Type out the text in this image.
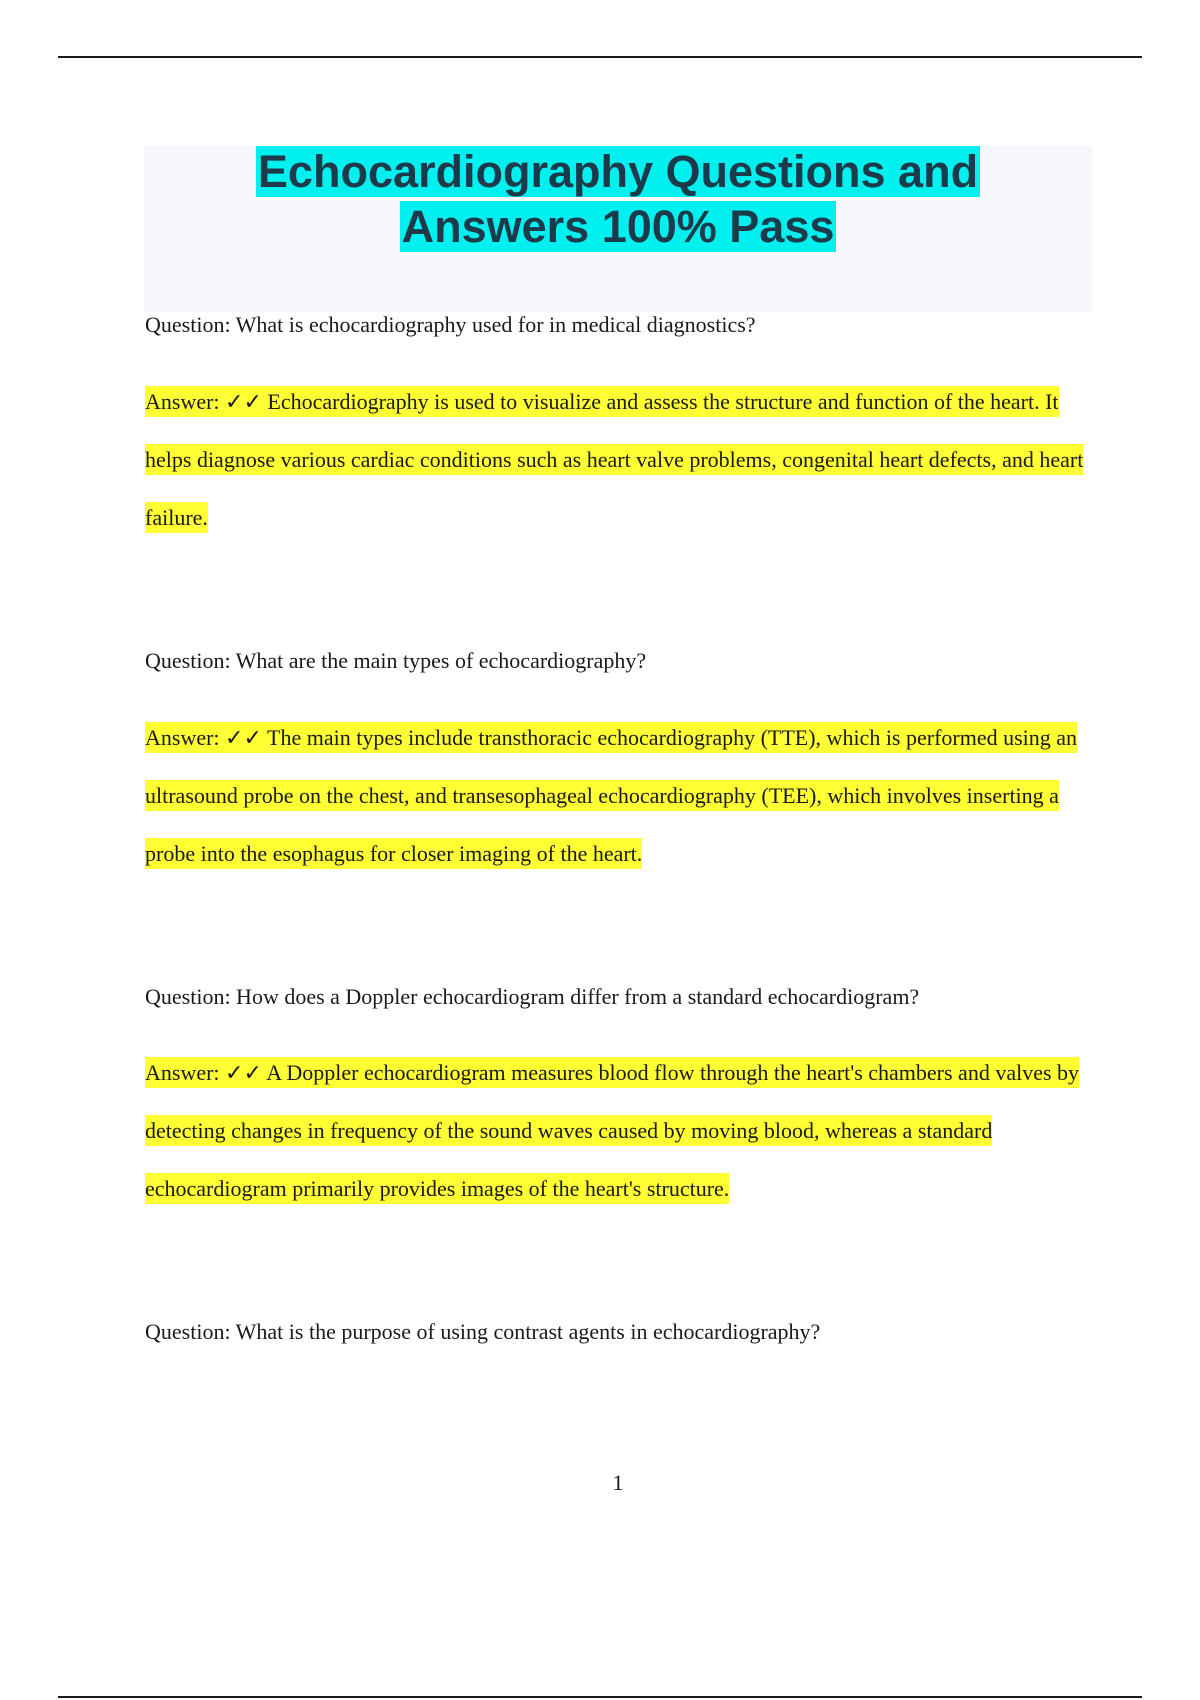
Echocardiography Questions and
Answers 100% Pass

Question: What is echocardiography used for in medical diagnostics?

Answer: ✓✓ Echocardiography is used to visualize and assess the structure and function of the heart. It helps diagnose various cardiac conditions such as heart valve problems, congenital heart defects, and heart failure.

Question: What are the main types of echocardiography?

Answer: ✓✓ The main types include transthoracic echocardiography (TTE), which is performed using an ultrasound probe on the chest, and transesophageal echocardiography (TEE), which involves inserting a probe into the esophagus for closer imaging of the heart.

Question: How does a Doppler echocardiogram differ from a standard echocardiogram?

Answer: ✓✓ A Doppler echocardiogram measures blood flow through the heart's chambers and valves by detecting changes in frequency of the sound waves caused by moving blood, whereas a standard echocardiogram primarily provides images of the heart's structure.

Question: What is the purpose of using contrast agents in echocardiography?

1
